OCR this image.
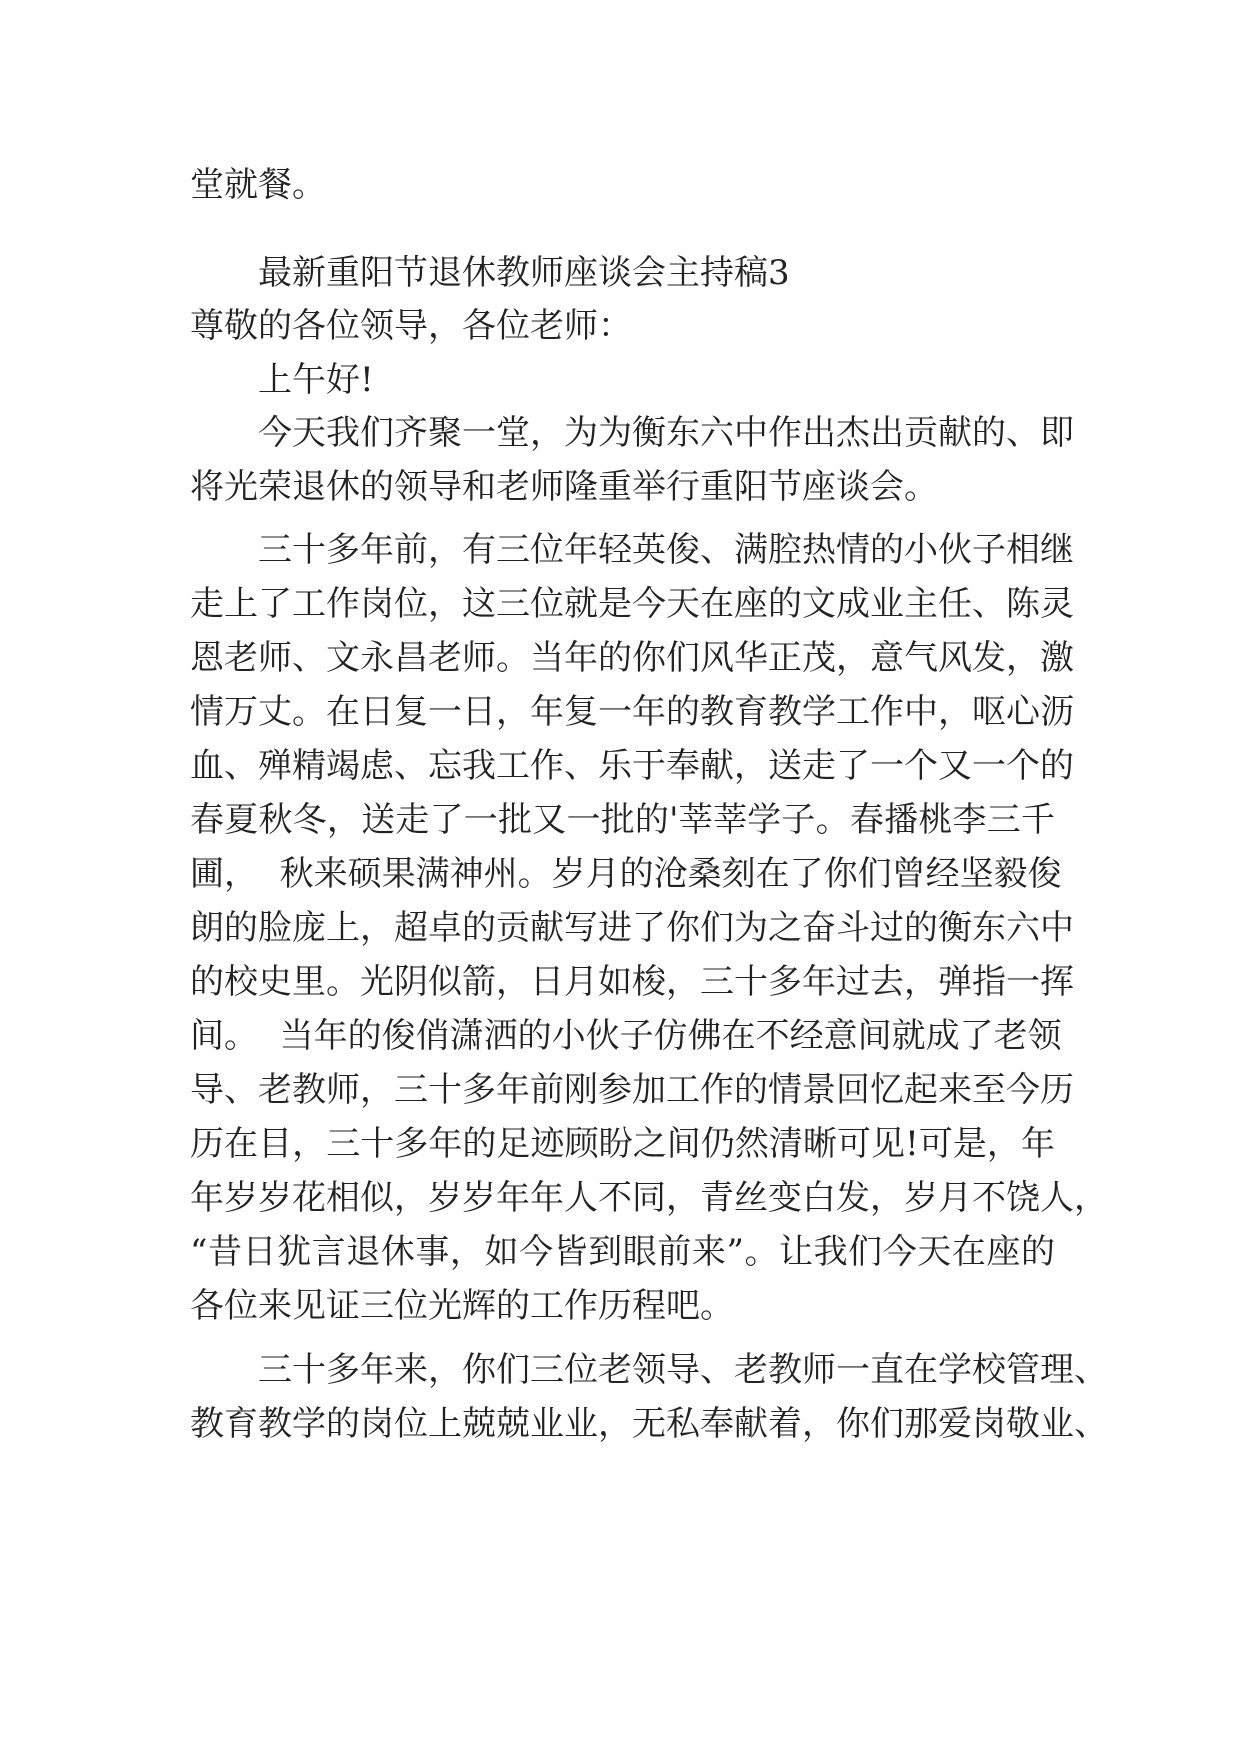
堂就餐。

最新重阳节退休教师座谈会主持稿3

尊敬的各位领导，各位老师：

上午好!

今天我们齐聚一堂，为为衡东六中作出杰出贡献的、即

将光荣退休的领导和老师隆重举行重阳节座谈会。

三十多年前，有三位年轻英俊、满腔热情的小伙子相继

走上了工作岗位，这三位就是今天在座的文成业主任、陈灵

恩老师、文永昌老师。当年的你们风华正茂，意气风发，激

情万丈。在日复一日，年复一年的教育教学工作中，呕心沥

血、殚精竭虑、忘我工作、乐于奉献，送走了一个又一个的

春夏秋冬，送走了一批又一批的'莘莘学子。春播桃李三千

圃，  秋来硕果满神州。岁月的沧桑刻在了你们曾经坚毅俊

朗的脸庞上，超卓的贡献写进了你们为之奋斗过的衡东六中

的校史里。光阴似箭，日月如梭，三十多年过去，弹指一挥

间。  当年的俊俏潇洒的小伙子仿佛在不经意间就成了老领

导、老教师，三十多年前刚参加工作的情景回忆起来至今历

历在目，三十多年的足迹顾盼之间仍然清晰可见!可是，年

年岁岁花相似，岁岁年年人不同，青丝变白发，岁月不饶人，

“昔日犹言退休事，如今皆到眼前来”。让我们今天在座的

各位来见证三位光辉的工作历程吧。

三十多年来，你们三位老领导、老教师一直在学校管理、

教育教学的岗位上兢兢业业，无私奉献着，你们那爱岗敬业、
